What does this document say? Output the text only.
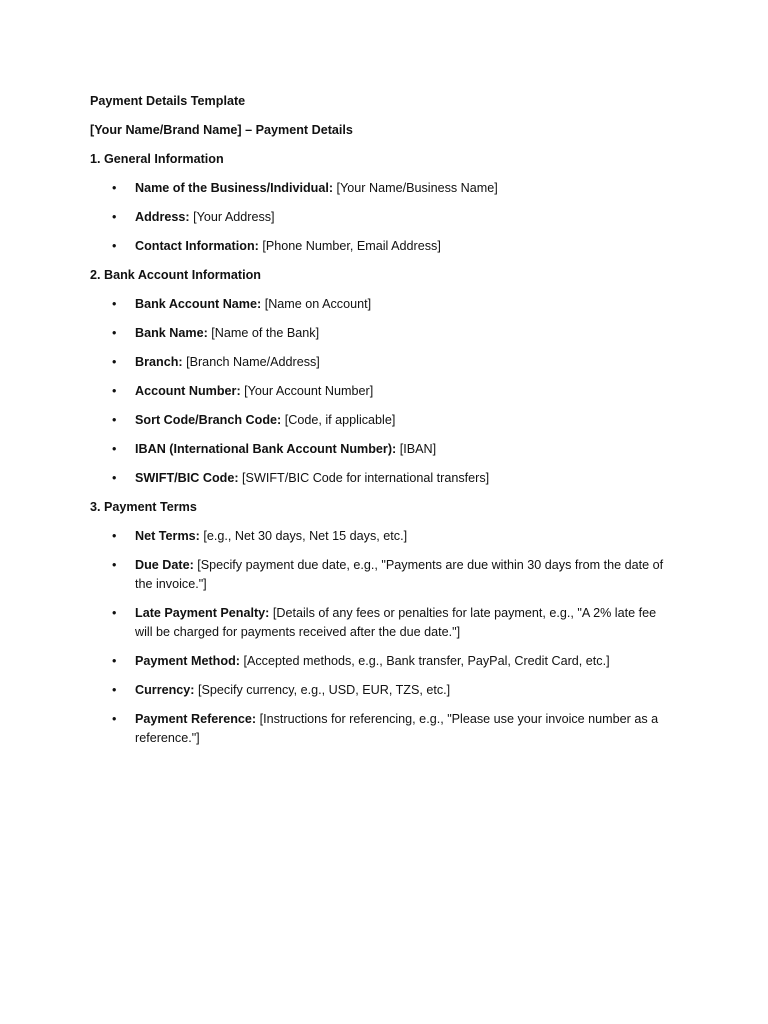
Payment Details Template

[Your Name/Brand Name] – Payment Details

1. General Information

• Name of the Business/Individual: [Your Name/Business Name]
• Address: [Your Address]
• Contact Information: [Phone Number, Email Address]

2. Bank Account Information

• Bank Account Name: [Name on Account]
• Bank Name: [Name of the Bank]
• Branch: [Branch Name/Address]
• Account Number: [Your Account Number]
• Sort Code/Branch Code: [Code, if applicable]
• IBAN (International Bank Account Number): [IBAN]
• SWIFT/BIC Code: [SWIFT/BIC Code for international transfers]

3. Payment Terms

• Net Terms: [e.g., Net 30 days, Net 15 days, etc.]
• Due Date: [Specify payment due date, e.g., "Payments are due within 30 days from the date of the invoice."]
• Late Payment Penalty: [Details of any fees or penalties for late payment, e.g., "A 2% late fee will be charged for payments received after the due date."]
• Payment Method: [Accepted methods, e.g., Bank transfer, PayPal, Credit Card, etc.]
• Currency: [Specify currency, e.g., USD, EUR, TZS, etc.]
• Payment Reference: [Instructions for referencing, e.g., "Please use your invoice number as a reference."]
